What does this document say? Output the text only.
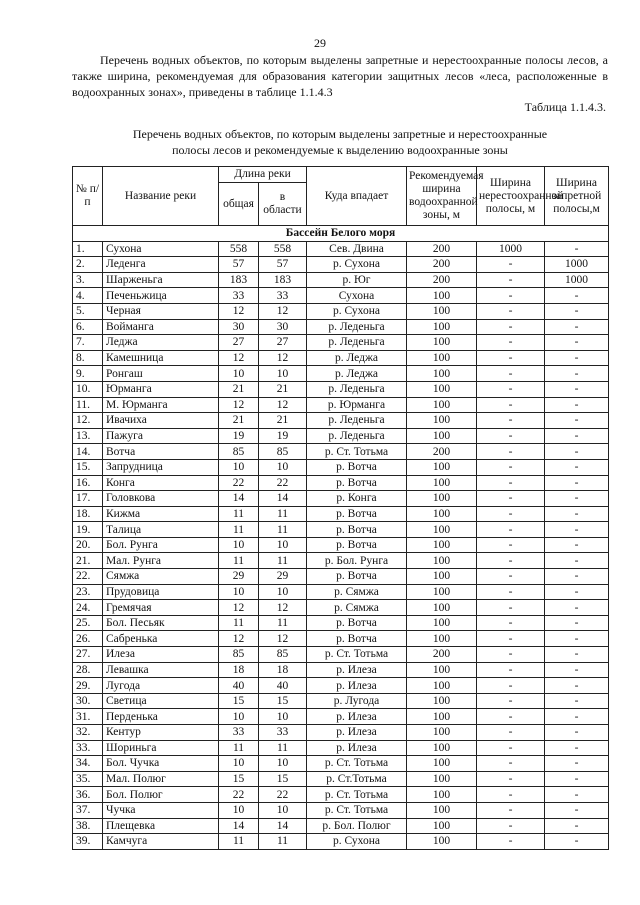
29

Перечень водных объектов, по которым выделены запретные и нерестоохранные полосы лесов, а также ширина, рекомендуемая для образования категории защитных лесов «леса, расположенные в водоохранных зонах», приведены в таблице 1.1.4.3

Таблица 1.1.4.3.
Перечень водных объектов, по которым выделены запретные и нерестоохранные
полосы лесов и рекомендуемые к выделению водоохранные зоны
№ п/п	Название реки	Длина реки		Куда впадает	Рекомендуемая ширина водоохранной зоны, м	Ширина нерестоохранной полосы, м	Ширина запретной полосы,м
		общая	в области				
Бассейн Белого моря							
1.	Сухона	558	558	Сев. Двина	200	1000	-
2.	Леденга	57	57	р. Сухона	200	-	1000
3.	Шарженьга	183	183	р. Юг	200	-	1000
4.	Печеньжица	33	33	Сухона	100	-	-
5.	Черная	12	12	р. Сухона	100	-	-
6.	Воймангa	30	30	р. Леденьга	100	-	-
7.	Леджа	27	27	р. Леденьга	100	-	-
8.	Камешница	12	12	р. Леджа	100	-	-
9.	Ронгаш	10	10	р. Леджа	100	-	-
10.	Юрманга	21	21	р. Леденьга	100	-	-
11.	М. Юрманга	12	12	р. Юрманга	100	-	-
12.	Ивачиха	21	21	р. Леденьга	100	-	-
13.	Пажуга	19	19	р. Леденьга	100	-	-
14.	Вотча	85	85	р. Ст. Тотьма	200	-	-
15.	Запрудница	10	10	р. Вотча	100	-	-
16.	Конга	22	22	р. Вотча	100	-	-
17.	Головкова	14	14	р. Конга	100	-	-
18.	Кижма	11	11	р. Вотча	100	-	-
19.	Талица	11	11	р. Вотча	100	-	-
20.	Бол. Рунга	10	10	р. Вотча	100	-	-
21.	Мал. Рунга	11	11	р. Бол. Рунга	100	-	-
22.	Сямжа	29	29	р. Вотча	100	-	-
23.	Прудовица	10	10	р. Сямжа	100	-	-
24.	Гремячая	12	12	р. Сямжа	100	-	-
25.	Бол. Песьяк	11	11	р. Вотча	100	-	-
26.	Сабренька	12	12	р. Вотча	100	-	-
27.	Илеза	85	85	р. Ст. Тотьма	200	-	-
28.	Левашка	18	18	р. Илеза	100	-	-
29.	Лугода	40	40	р. Илеза	100	-	-
30.	Светица	15	15	р. Лугода	100	-	-
31.	Перденька	10	10	р. Илеза	100	-	-
32.	Кентур	33	33	р. Илеза	100	-	-
33.	Шориньга	11	11	р. Илеза	100	-	-
34.	Бол. Чучка	10	10	р. Ст. Тотьма	100	-	-
35.	Мал. Полюг	15	15	р. Ст.Тотьма	100	-	-
36.	Бол. Полюг	22	22	р. Ст. Тотьма	100	-	-
37.	Чучка	10	10	р. Ст. Тотьма	100	-	-
38.	Плещевка	14	14	р. Бол. Полюг	100	-	-
39.	Камчуга	11	11	р. Сухона	100	-	-
